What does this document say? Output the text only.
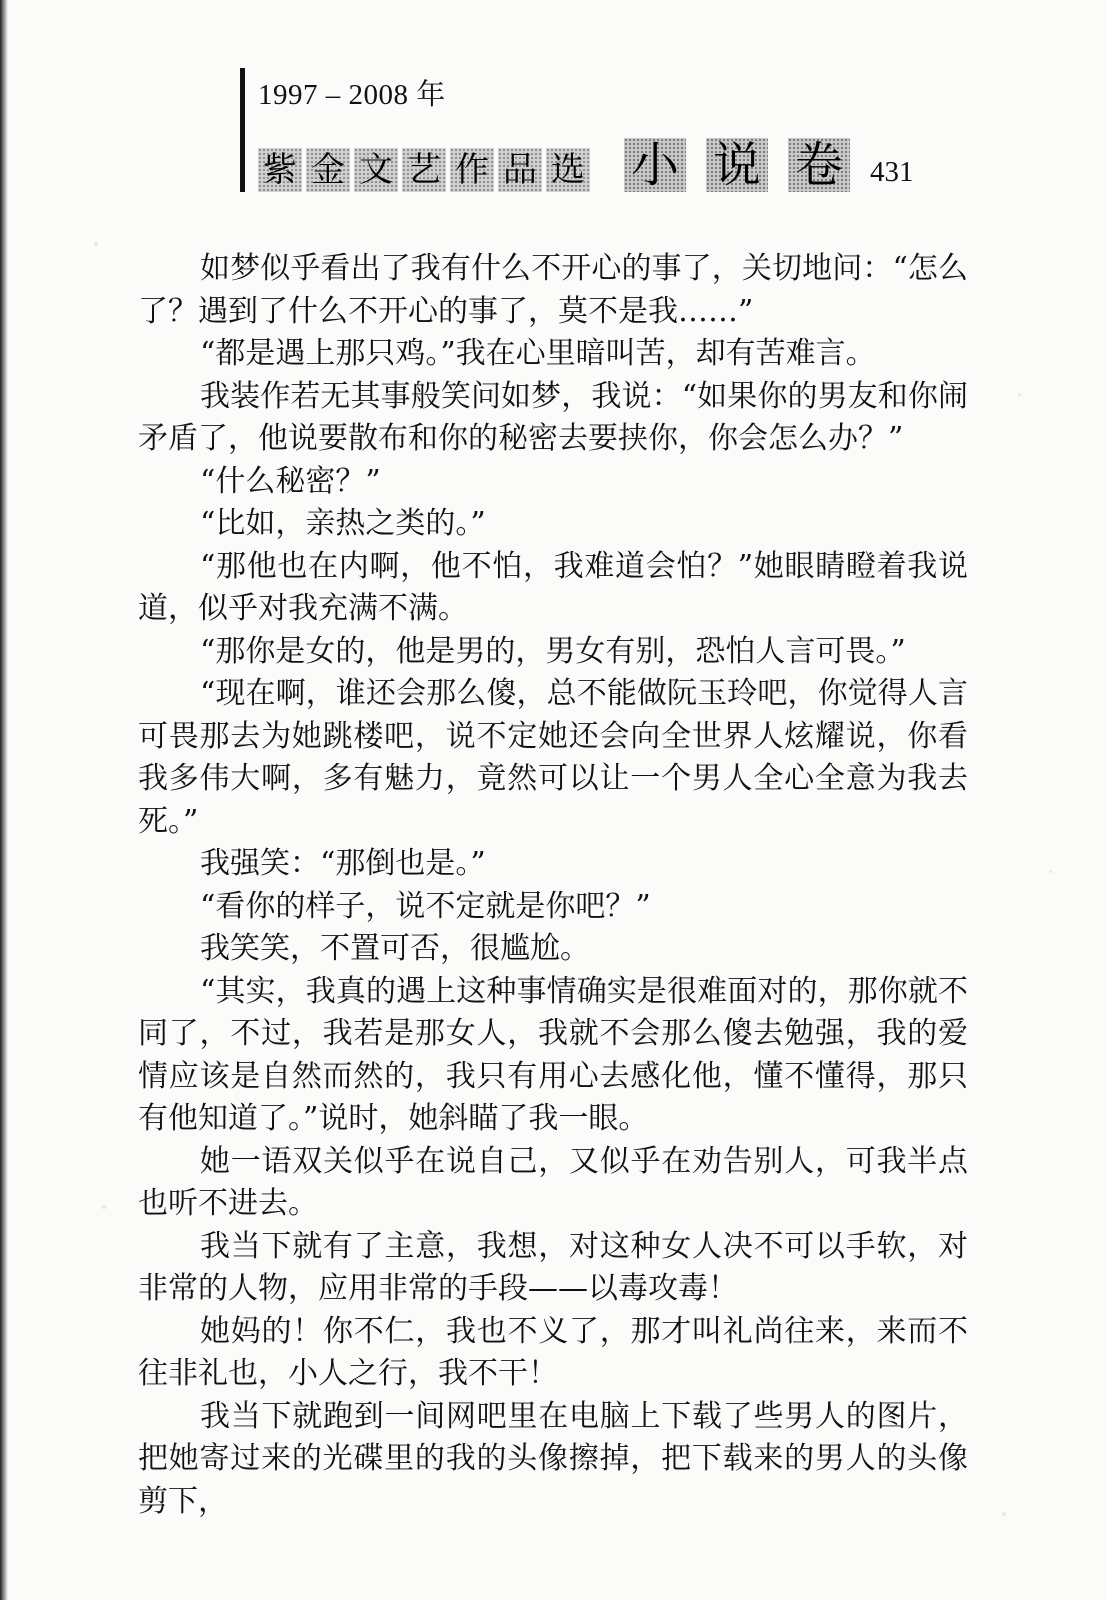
1997 – 2008 年
紫 金 文 艺 作 品 选 小 说 卷 431

如梦似乎看出了我有什么不开心的事了，关切地问：“怎么了？遇到了什么不开心的事了，莫不是我……”

“都是遇上那只鸡。”我在心里暗叫苦，却有苦难言。

我装作若无其事般笑问如梦，我说：“如果你的男友和你闹矛盾了，他说要散布和你的秘密去要挟你，你会怎么办？”

“什么秘密？”

“比如，亲热之类的。”

“那他也在内啊，他不怕，我难道会怕？”她眼睛瞪着我说道，似乎对我充满不满。

“那你是女的，他是男的，男女有别，恐怕人言可畏。”

“现在啊，谁还会那么傻，总不能做阮玉玲吧，你觉得人言可畏那去为她跳楼吧，说不定她还会向全世界人炫耀说，你看我多伟大啊，多有魅力，竟然可以让一个男人全心全意为我去死。”

我强笑：“那倒也是。”

“看你的样子，说不定就是你吧？”

我笑笑，不置可否，很尴尬。

“其实，我真的遇上这种事情确实是很难面对的，那你就不同了，不过，我若是那女人，我就不会那么傻去勉强，我的爱情应该是自然而然的，我只有用心去感化他，懂不懂得，那只有他知道了。”说时，她斜瞄了我一眼。

她一语双关似乎在说自己，又似乎在劝告别人，可我半点也听不进去。

我当下就有了主意，我想，对这种女人决不可以手软，对非常的人物，应用非常的手段——以毒攻毒！

她妈的！你不仁，我也不义了，那才叫礼尚往来，来而不往非礼也，小人之行，我不干！

我当下就跑到一间网吧里在电脑上下载了些男人的图片，把她寄过来的光碟里的我的头像擦掉，把下载来的男人的头像剪下，
